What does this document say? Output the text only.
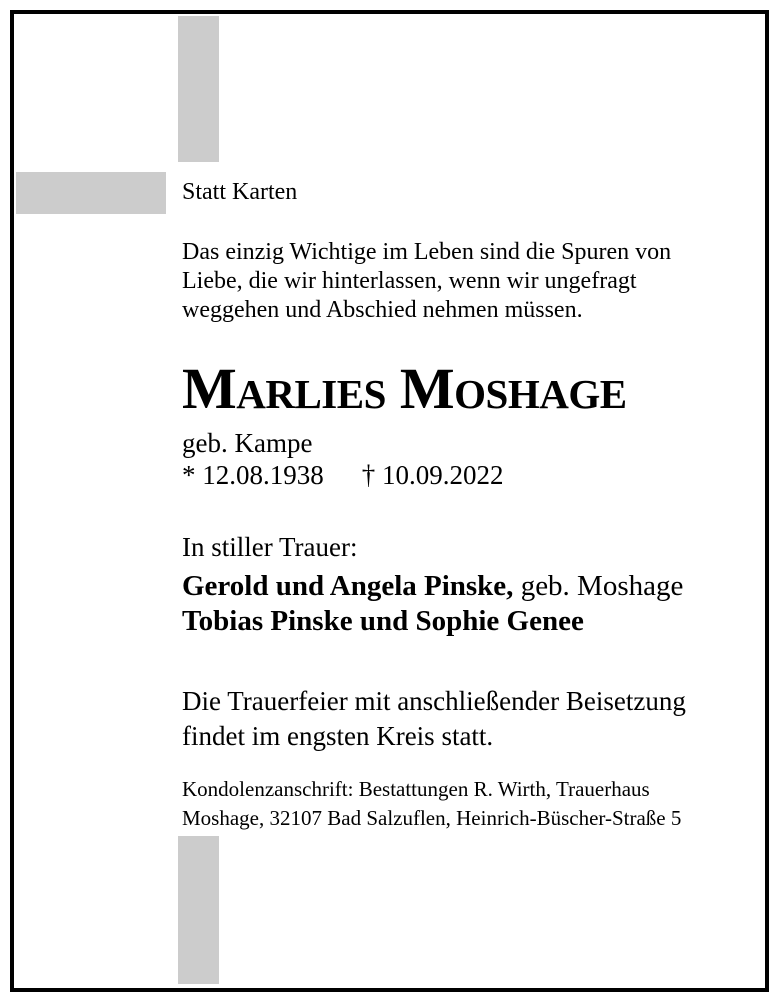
Statt Karten
Das einzig Wichtige im Leben sind die Spuren von
Liebe, die wir hinterlassen, wenn wir ungefragt
weggehen und Abschied nehmen müssen.
Marlies Moshage
geb. Kampe
* 12.08.1938 † 10.09.2022
In stiller Trauer:
Gerold und Angela Pinske, geb. Moshage
Tobias Pinske und Sophie Genee
Die Trauerfeier mit anschließender Beisetzung
findet im engsten Kreis statt.
Kondolenzanschrift: Bestattungen R. Wirth, Trauerhaus
Moshage, 32107 Bad Salzuflen, Heinrich-Büscher-Straße 5
